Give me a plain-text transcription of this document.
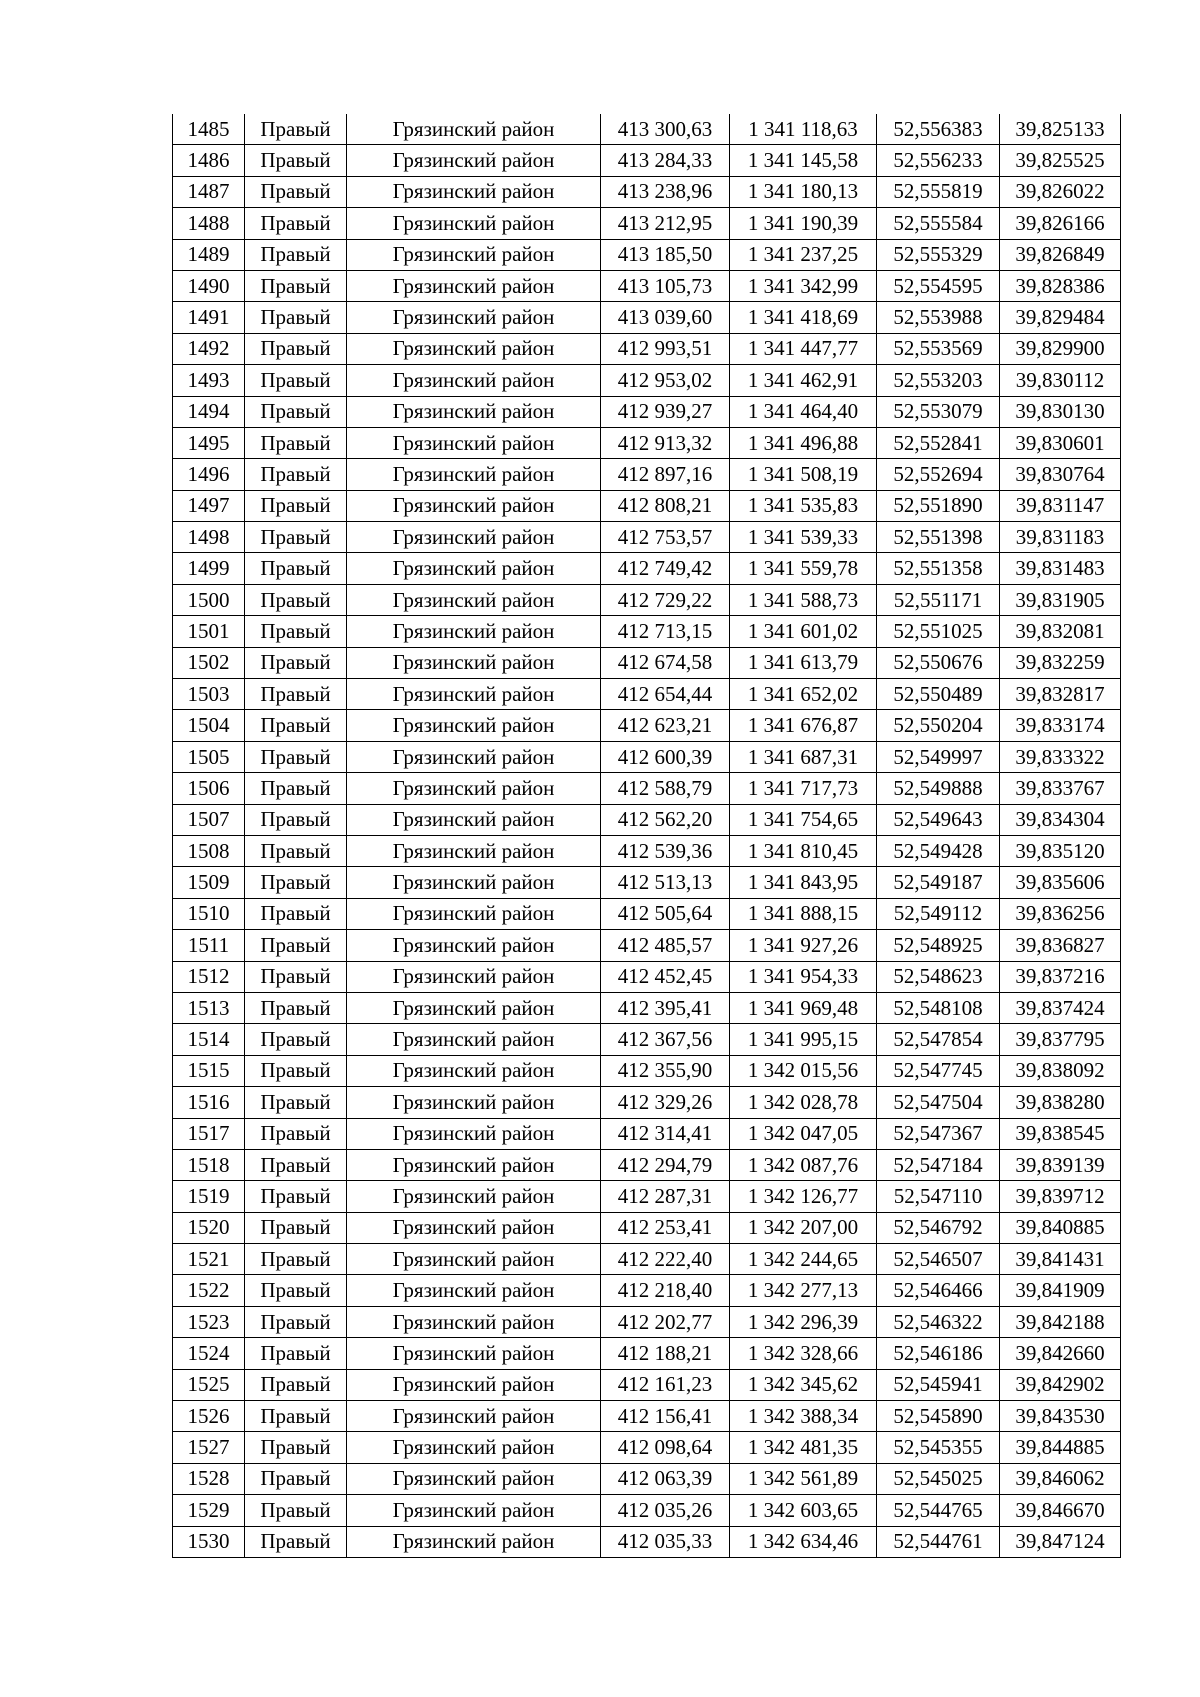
1485	Правый	Грязинский район	413 300,63	1 341 118,63	52,556383	39,825133
1486	Правый	Грязинский район	413 284,33	1 341 145,58	52,556233	39,825525
1487	Правый	Грязинский район	413 238,96	1 341 180,13	52,555819	39,826022
1488	Правый	Грязинский район	413 212,95	1 341 190,39	52,555584	39,826166
1489	Правый	Грязинский район	413 185,50	1 341 237,25	52,555329	39,826849
1490	Правый	Грязинский район	413 105,73	1 341 342,99	52,554595	39,828386
1491	Правый	Грязинский район	413 039,60	1 341 418,69	52,553988	39,829484
1492	Правый	Грязинский район	412 993,51	1 341 447,77	52,553569	39,829900
1493	Правый	Грязинский район	412 953,02	1 341 462,91	52,553203	39,830112
1494	Правый	Грязинский район	412 939,27	1 341 464,40	52,553079	39,830130
1495	Правый	Грязинский район	412 913,32	1 341 496,88	52,552841	39,830601
1496	Правый	Грязинский район	412 897,16	1 341 508,19	52,552694	39,830764
1497	Правый	Грязинский район	412 808,21	1 341 535,83	52,551890	39,831147
1498	Правый	Грязинский район	412 753,57	1 341 539,33	52,551398	39,831183
1499	Правый	Грязинский район	412 749,42	1 341 559,78	52,551358	39,831483
1500	Правый	Грязинский район	412 729,22	1 341 588,73	52,551171	39,831905
1501	Правый	Грязинский район	412 713,15	1 341 601,02	52,551025	39,832081
1502	Правый	Грязинский район	412 674,58	1 341 613,79	52,550676	39,832259
1503	Правый	Грязинский район	412 654,44	1 341 652,02	52,550489	39,832817
1504	Правый	Грязинский район	412 623,21	1 341 676,87	52,550204	39,833174
1505	Правый	Грязинский район	412 600,39	1 341 687,31	52,549997	39,833322
1506	Правый	Грязинский район	412 588,79	1 341 717,73	52,549888	39,833767
1507	Правый	Грязинский район	412 562,20	1 341 754,65	52,549643	39,834304
1508	Правый	Грязинский район	412 539,36	1 341 810,45	52,549428	39,835120
1509	Правый	Грязинский район	412 513,13	1 341 843,95	52,549187	39,835606
1510	Правый	Грязинский район	412 505,64	1 341 888,15	52,549112	39,836256
1511	Правый	Грязинский район	412 485,57	1 341 927,26	52,548925	39,836827
1512	Правый	Грязинский район	412 452,45	1 341 954,33	52,548623	39,837216
1513	Правый	Грязинский район	412 395,41	1 341 969,48	52,548108	39,837424
1514	Правый	Грязинский район	412 367,56	1 341 995,15	52,547854	39,837795
1515	Правый	Грязинский район	412 355,90	1 342 015,56	52,547745	39,838092
1516	Правый	Грязинский район	412 329,26	1 342 028,78	52,547504	39,838280
1517	Правый	Грязинский район	412 314,41	1 342 047,05	52,547367	39,838545
1518	Правый	Грязинский район	412 294,79	1 342 087,76	52,547184	39,839139
1519	Правый	Грязинский район	412 287,31	1 342 126,77	52,547110	39,839712
1520	Правый	Грязинский район	412 253,41	1 342 207,00	52,546792	39,840885
1521	Правый	Грязинский район	412 222,40	1 342 244,65	52,546507	39,841431
1522	Правый	Грязинский район	412 218,40	1 342 277,13	52,546466	39,841909
1523	Правый	Грязинский район	412 202,77	1 342 296,39	52,546322	39,842188
1524	Правый	Грязинский район	412 188,21	1 342 328,66	52,546186	39,842660
1525	Правый	Грязинский район	412 161,23	1 342 345,62	52,545941	39,842902
1526	Правый	Грязинский район	412 156,41	1 342 388,34	52,545890	39,843530
1527	Правый	Грязинский район	412 098,64	1 342 481,35	52,545355	39,844885
1528	Правый	Грязинский район	412 063,39	1 342 561,89	52,545025	39,846062
1529	Правый	Грязинский район	412 035,26	1 342 603,65	52,544765	39,846670
1530	Правый	Грязинский район	412 035,33	1 342 634,46	52,544761	39,847124
